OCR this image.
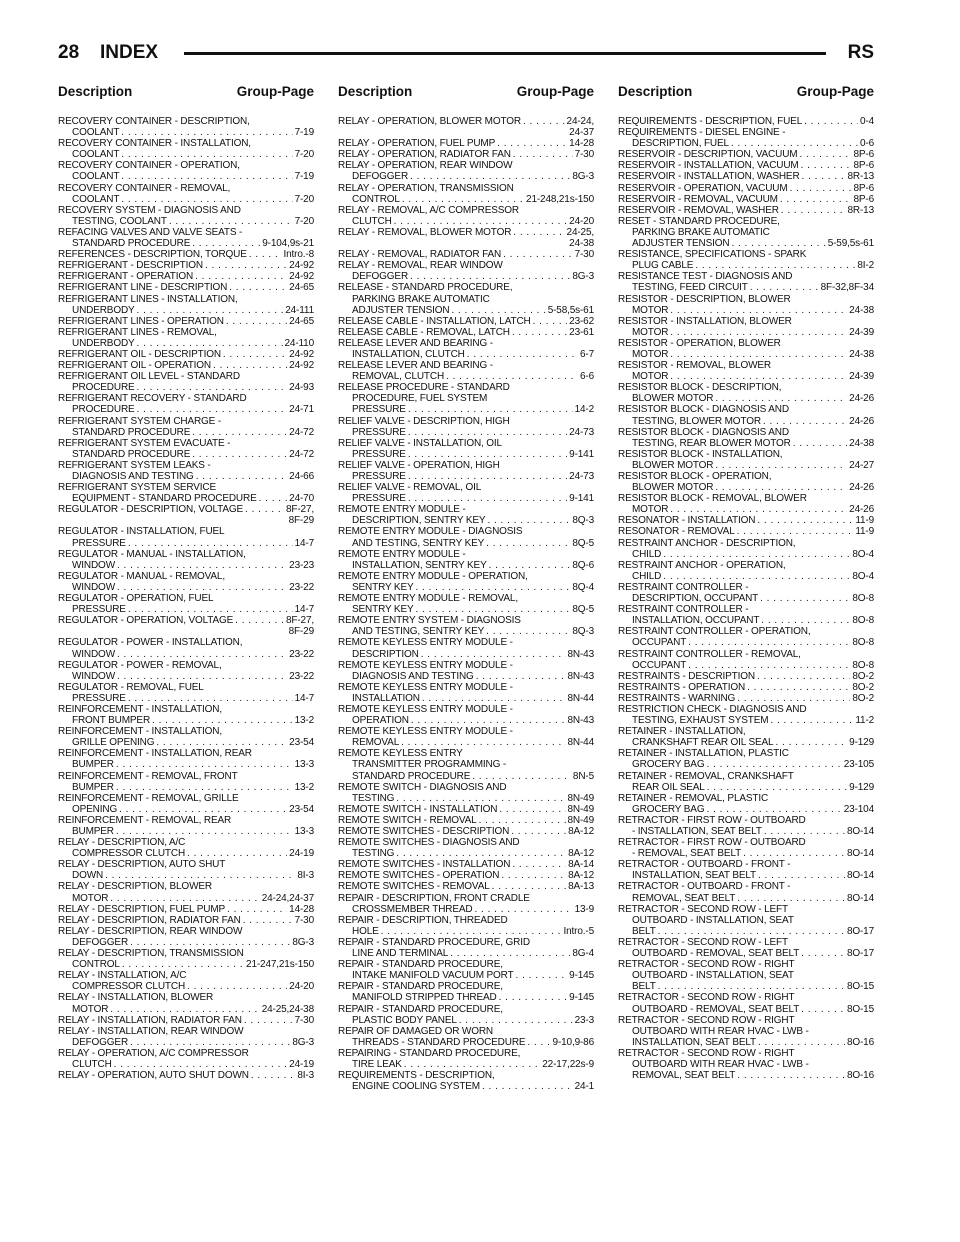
28 INDEX	RS
Description	Group-Page
RECOVERY CONTAINER - DESCRIPTION,
COOLANT . . .	7-19
RECOVERY CONTAINER - INSTALLATION,
COOLANT . . .	7-20
RECOVERY CONTAINER - OPERATION,
COOLANT . . .	7-19
RECOVERY CONTAINER - REMOVAL,
COOLANT . . .	7-20
RECOVERY SYSTEM - DIAGNOSIS AND
TESTING, COOLANT . . .	7-20
REFACING VALVES AND VALVE SEATS -
STANDARD PROCEDURE . . .	9-104,9s-21
REFERENCES - DESCRIPTION, TORQUE . . .	Intro.-8
REFRIGERANT - DESCRIPTION . . .	24-92
REFRIGERANT - OPERATION . . .	24-92
REFRIGERANT LINE - DESCRIPTION . . .	24-65
REFRIGERANT LINES - INSTALLATION,
UNDERBODY . . .	24-111
REFRIGERANT LINES - OPERATION . . .	24-65
REFRIGERANT LINES - REMOVAL,
UNDERBODY . . .	24-110
REFRIGERANT OIL - DESCRIPTION . . .	24-92
REFRIGERANT OIL - OPERATION . . .	24-92
REFRIGERANT OIL LEVEL - STANDARD
PROCEDURE . . .	24-93
REFRIGERANT RECOVERY - STANDARD
PROCEDURE . . .	24-71
REFRIGERANT SYSTEM CHARGE -
STANDARD PROCEDURE . . .	24-72
REFRIGERANT SYSTEM EVACUATE -
STANDARD PROCEDURE . . .	24-72
REFRIGERANT SYSTEM LEAKS -
DIAGNOSIS AND TESTING . . .	24-66
REFRIGERANT SYSTEM SERVICE
EQUIPMENT - STANDARD PROCEDURE . . .	24-70
REGULATOR - DESCRIPTION, VOLTAGE . . .	8F-27,
8F-29
REGULATOR - INSTALLATION, FUEL
PRESSURE . . .	14-7
REGULATOR - MANUAL - INSTALLATION,
WINDOW . . .	23-23
REGULATOR - MANUAL - REMOVAL,
WINDOW . . .	23-22
REGULATOR - OPERATION, FUEL
PRESSURE . . .	14-7
REGULATOR - OPERATION, VOLTAGE . . .	8F-27,
8F-29
REGULATOR - POWER - INSTALLATION,
WINDOW . . .	23-22
REGULATOR - POWER - REMOVAL,
WINDOW . . .	23-22
REGULATOR - REMOVAL, FUEL
PRESSURE . . .	14-7
REINFORCEMENT - INSTALLATION,
FRONT BUMPER . . .	13-2
REINFORCEMENT - INSTALLATION,
GRILLE OPENING . . .	23-54
REINFORCEMENT - INSTALLATION, REAR
BUMPER . . .	13-3
REINFORCEMENT - REMOVAL, FRONT
BUMPER . . .	13-2
REINFORCEMENT - REMOVAL, GRILLE
OPENING . . .	23-54
REINFORCEMENT - REMOVAL, REAR
BUMPER . . .	13-3
RELAY - DESCRIPTION, A/C
COMPRESSOR CLUTCH . . .	24-19
RELAY - DESCRIPTION, AUTO SHUT
DOWN . . .	8I-3
RELAY - DESCRIPTION, BLOWER
MOTOR . . .	24-24,24-37
RELAY - DESCRIPTION, FUEL PUMP . . .	14-28
RELAY - DESCRIPTION, RADIATOR FAN . . .	7-30
RELAY - DESCRIPTION, REAR WINDOW
DEFOGGER . . .	8G-3
RELAY - DESCRIPTION, TRANSMISSION
CONTROL . . .	21-247,21s-150
RELAY - INSTALLATION, A/C
COMPRESSOR CLUTCH . . .	24-20
RELAY - INSTALLATION, BLOWER
MOTOR . . .	24-25,24-38
RELAY - INSTALLATION, RADIATOR FAN . . .	7-30
RELAY - INSTALLATION, REAR WINDOW
DEFOGGER . . .	8G-3
RELAY - OPERATION, A/C COMPRESSOR
CLUTCH . . .	24-19
RELAY - OPERATION, AUTO SHUT DOWN . . .	8I-3
Description	Group-Page
RELAY - OPERATION, BLOWER MOTOR . . .	24-24,
24-37
RELAY - OPERATION, FUEL PUMP . . .	14-28
RELAY - OPERATION, RADIATOR FAN . . .	7-30
RELAY - OPERATION, REAR WINDOW
DEFOGGER . . .	8G-3
RELAY - OPERATION, TRANSMISSION
CONTROL . . .	21-248,21s-150
RELAY - REMOVAL, A/C COMPRESSOR
CLUTCH . . .	24-20
RELAY - REMOVAL, BLOWER MOTOR . . .	24-25,
24-38
RELAY - REMOVAL, RADIATOR FAN . . .	7-30
RELAY - REMOVAL, REAR WINDOW
DEFOGGER . . .	8G-3
RELEASE - STANDARD PROCEDURE,
PARKING BRAKE AUTOMATIC
ADJUSTER TENSION . . .	5-58,5s-61
RELEASE CABLE - INSTALLATION, LATCH . . .	23-62
RELEASE CABLE - REMOVAL, LATCH . . .	23-61
RELEASE LEVER AND BEARING -
INSTALLATION, CLUTCH . . .	6-7
RELEASE LEVER AND BEARING -
REMOVAL, CLUTCH . . .	6-6
RELEASE PROCEDURE - STANDARD
PROCEDURE, FUEL SYSTEM
PRESSURE . . .	14-2
RELIEF VALVE - DESCRIPTION, HIGH
PRESSURE . . .	24-73
RELIEF VALVE - INSTALLATION, OIL
PRESSURE . . .	9-141
RELIEF VALVE - OPERATION, HIGH
PRESSURE . . .	24-73
RELIEF VALVE - REMOVAL, OIL
PRESSURE . . .	9-141
REMOTE ENTRY MODULE -
DESCRIPTION, SENTRY KEY . . .	8Q-3
REMOTE ENTRY MODULE - DIAGNOSIS
AND TESTING, SENTRY KEY . . .	8Q-5
REMOTE ENTRY MODULE -
INSTALLATION, SENTRY KEY . . .	8Q-6
REMOTE ENTRY MODULE - OPERATION,
SENTRY KEY . . .	8Q-4
REMOTE ENTRY MODULE - REMOVAL,
SENTRY KEY . . .	8Q-5
REMOTE ENTRY SYSTEM - DIAGNOSIS
AND TESTING, SENTRY KEY . . .	8Q-3
REMOTE KEYLESS ENTRY MODULE -
DESCRIPTION . . .	8N-43
REMOTE KEYLESS ENTRY MODULE -
DIAGNOSIS AND TESTING . . .	8N-43
REMOTE KEYLESS ENTRY MODULE -
INSTALLATION . . .	8N-44
REMOTE KEYLESS ENTRY MODULE -
OPERATION . . .	8N-43
REMOTE KEYLESS ENTRY MODULE -
REMOVAL . . .	8N-44
REMOTE KEYLESS ENTRY
TRANSMITTER PROGRAMMING -
STANDARD PROCEDURE . . .	8N-5
REMOTE SWITCH - DIAGNOSIS AND
TESTING . . .	8N-49
REMOTE SWITCH - INSTALLATION . . .	8N-49
REMOTE SWITCH - REMOVAL . . .	8N-49
REMOTE SWITCHES - DESCRIPTION . . .	8A-12
REMOTE SWITCHES - DIAGNOSIS AND
TESTING . . .	8A-12
REMOTE SWITCHES - INSTALLATION . . .	8A-14
REMOTE SWITCHES - OPERATION . . .	8A-12
REMOTE SWITCHES - REMOVAL . . .	8A-13
REPAIR - DESCRIPTION, FRONT CRADLE
CROSSMEMBER THREAD . . .	13-9
REPAIR - DESCRIPTION, THREADED
HOLE . . .	Intro.-5
REPAIR - STANDARD PROCEDURE, GRID
LINE AND TERMINAL . . .	8G-4
REPAIR - STANDARD PROCEDURE,
INTAKE MANIFOLD VACUUM PORT . . .	9-145
REPAIR - STANDARD PROCEDURE,
MANIFOLD STRIPPED THREAD . . .	9-145
REPAIR - STANDARD PROCEDURE,
PLASTIC BODY PANEL . . .	23-3
REPAIR OF DAMAGED OR WORN
THREADS - STANDARD PROCEDURE . . .	9-10,9-86
REPAIRING - STANDARD PROCEDURE,
TIRE LEAK . . .	22-17,22s-9
REQUIREMENTS - DESCRIPTION,
ENGINE COOLING SYSTEM . . .	24-1
Description	Group-Page
REQUIREMENTS - DESCRIPTION, FUEL . . .	0-4
REQUIREMENTS - DIESEL ENGINE -
DESCRIPTION, FUEL . . .	0-6
RESERVOIR - DESCRIPTION, VACUUM . . .	8P-6
RESERVOIR - INSTALLATION, VACUUM . . .	8P-6
RESERVOIR - INSTALLATION, WASHER . . .	8R-13
RESERVOIR - OPERATION, VACUUM . . .	8P-6
RESERVOIR - REMOVAL, VACUUM . . .	8P-6
RESERVOIR - REMOVAL, WASHER . . .	8R-13
RESET - STANDARD PROCEDURE,
PARKING BRAKE AUTOMATIC
ADJUSTER TENSION . . .	5-59,5s-61
RESISTANCE, SPECIFICATIONS - SPARK
PLUG CABLE . . .	8I-2
RESISTANCE TEST - DIAGNOSIS AND
TESTING, FEED CIRCUIT . . .	8F-32,8F-34
RESISTOR - DESCRIPTION, BLOWER
MOTOR . . .	24-38
RESISTOR - INSTALLATION, BLOWER
MOTOR . . .	24-39
RESISTOR - OPERATION, BLOWER
MOTOR . . .	24-38
RESISTOR - REMOVAL, BLOWER
MOTOR . . .	24-39
RESISTOR BLOCK - DESCRIPTION,
BLOWER MOTOR . . .	24-26
RESISTOR BLOCK - DIAGNOSIS AND
TESTING, BLOWER MOTOR . . .	24-26
RESISTOR BLOCK - DIAGNOSIS AND
TESTING, REAR BLOWER MOTOR . . .	24-38
RESISTOR BLOCK - INSTALLATION,
BLOWER MOTOR . . .	24-27
RESISTOR BLOCK - OPERATION,
BLOWER MOTOR . . .	24-26
RESISTOR BLOCK - REMOVAL, BLOWER
MOTOR . . .	24-26
RESONATOR - INSTALLATION . . .	11-9
RESONATOR - REMOVAL . . .	11-9
RESTRAINT ANCHOR - DESCRIPTION,
CHILD . . .	8O-4
RESTRAINT ANCHOR - OPERATION,
CHILD . . .	8O-4
RESTRAINT CONTROLLER -
DESCRIPTION, OCCUPANT . . .	8O-8
RESTRAINT CONTROLLER -
INSTALLATION, OCCUPANT . . .	8O-8
RESTRAINT CONTROLLER - OPERATION,
OCCUPANT . . .	8O-8
RESTRAINT CONTROLLER - REMOVAL,
OCCUPANT . . .	8O-8
RESTRAINTS - DESCRIPTION . . .	8O-2
RESTRAINTS - OPERATION . . .	8O-2
RESTRAINTS - WARNING . . .	8O-2
RESTRICTION CHECK - DIAGNOSIS AND
TESTING, EXHAUST SYSTEM . . .	11-2
RETAINER - INSTALLATION,
CRANKSHAFT REAR OIL SEAL . . .	9-129
RETAINER - INSTALLATION, PLASTIC
GROCERY BAG . . .	23-105
RETAINER - REMOVAL, CRANKSHAFT
REAR OIL SEAL . . .	9-129
RETAINER - REMOVAL, PLASTIC
GROCERY BAG . . .	23-104
RETRACTOR - FIRST ROW - OUTBOARD
- INSTALLATION, SEAT BELT . . .	8O-14
RETRACTOR - FIRST ROW - OUTBOARD
- REMOVAL, SEAT BELT . . .	8O-14
RETRACTOR - OUTBOARD - FRONT -
INSTALLATION, SEAT BELT . . .	8O-14
RETRACTOR - OUTBOARD - FRONT -
REMOVAL, SEAT BELT . . .	8O-14
RETRACTOR - SECOND ROW - LEFT
OUTBOARD - INSTALLATION, SEAT
BELT . . .	8O-17
RETRACTOR - SECOND ROW - LEFT
OUTBOARD - REMOVAL, SEAT BELT . . .	8O-17
RETRACTOR - SECOND ROW - RIGHT
OUTBOARD - INSTALLATION, SEAT
BELT . . .	8O-15
RETRACTOR - SECOND ROW - RIGHT
OUTBOARD - REMOVAL, SEAT BELT . . .	8O-15
RETRACTOR - SECOND ROW - RIGHT
OUTBOARD WITH REAR HVAC - LWB -
INSTALLATION, SEAT BELT . . .	8O-16
RETRACTOR - SECOND ROW - RIGHT
OUTBOARD WITH REAR HVAC - LWB -
REMOVAL, SEAT BELT . . .	8O-16
